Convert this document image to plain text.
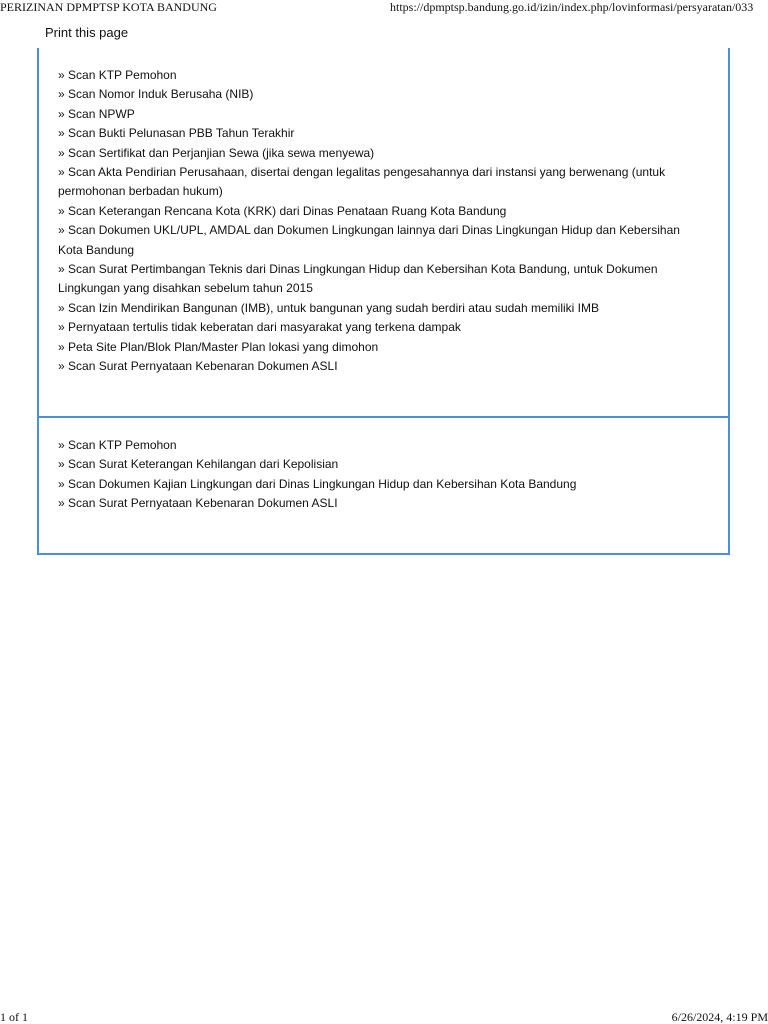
PERIZINAN DPMPTSP KOTA BANDUNG	https://dpmptsp.bandung.go.id/izin/index.php/lovinformasi/persyaratan/033
Print this page
» Scan KTP Pemohon
» Scan Nomor Induk Berusaha (NIB)
» Scan NPWP
» Scan Bukti Pelunasan PBB Tahun Terakhir
» Scan Sertifikat dan Perjanjian Sewa (jika sewa menyewa)
» Scan Akta Pendirian Perusahaan, disertai dengan legalitas pengesahannya dari instansi yang berwenang (untuk permohonan berbadan hukum)
» Scan Keterangan Rencana Kota (KRK) dari Dinas Penataan Ruang Kota Bandung
» Scan Dokumen UKL/UPL, AMDAL dan Dokumen Lingkungan lainnya dari Dinas Lingkungan Hidup dan Kebersihan Kota Bandung
» Scan Surat Pertimbangan Teknis dari Dinas Lingkungan Hidup dan Kebersihan Kota Bandung, untuk Dokumen Lingkungan yang disahkan sebelum tahun 2015
» Scan Izin Mendirikan Bangunan (IMB), untuk bangunan yang sudah berdiri atau sudah memiliki IMB
» Pernyataan tertulis tidak keberatan dari masyarakat yang terkena dampak
» Peta Site Plan/Blok Plan/Master Plan lokasi yang dimohon
» Scan Surat Pernyataan Kebenaran Dokumen ASLI
» Scan KTP Pemohon
» Scan Surat Keterangan Kehilangan dari Kepolisian
» Scan Dokumen Kajian Lingkungan dari Dinas Lingkungan Hidup dan Kebersihan Kota Bandung
» Scan Surat Pernyataan Kebenaran Dokumen ASLI
1 of 1	6/26/2024, 4:19 PM
